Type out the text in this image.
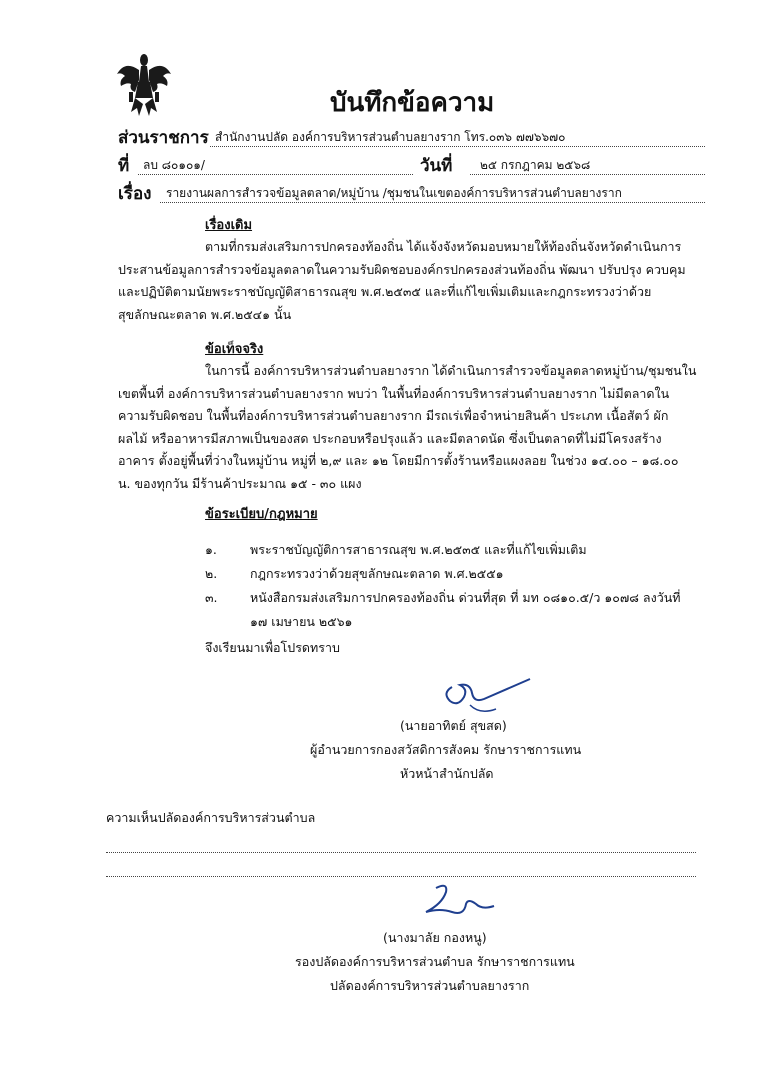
บันทึกข้อความ
ส่วนราชการ สำนักงานปลัด องค์การบริหารส่วนตำบลยางราก โทร.๐๓๖ ๗๗๖๖๗๐
ที่ ลบ ๘๐๑๐๑/	วันที่ ๒๕ กรกฎาคม ๒๕๖๘
เรื่อง รายงานผลการสำรวจข้อมูลตลาด/หมู่บ้าน /ชุมชนในเขตองค์การบริหารส่วนตำบลยางราก
เรื่องเดิม
ตามที่กรมส่งเสริมการปกครองท้องถิ่น ได้แจ้งจังหวัดมอบหมายให้ท้องถิ่นจังหวัดดำเนินการ
ประสานข้อมูลการสำรวจข้อมูลตลาดในความรับผิดชอบองค์กรปกครองส่วนท้องถิ่น พัฒนา ปรับปรุง ควบคุม
และปฏิบัติตามนัยพระราชบัญญัติสาธารณสุข พ.ศ.๒๕๓๕ และที่แก้ไขเพิ่มเติมและกฎกระทรวงว่าด้วย
สุขลักษณะตลาด พ.ศ.๒๕๔๑ นั้น
ข้อเท็จจริง
ในการนี้ องค์การบริหารส่วนตำบลยางราก ได้ดำเนินการสำรวจข้อมูลตลาดหมู่บ้าน/ชุมชนใน
เขตพื้นที่ องค์การบริหารส่วนตำบลยางราก พบว่า ในพื้นที่องค์การบริหารส่วนตำบลยางราก ไม่มีตลาดใน
ความรับผิดชอบ ในพื้นที่องค์การบริหารส่วนตำบลยางราก มีรถเร่เพื่อจำหน่ายสินค้า ประเภท เนื้อสัตว์ ผัก
ผลไม้ หรืออาหารมีสภาพเป็นของสด ประกอบหรือปรุงแล้ว และมีตลาดนัด ซึ่งเป็นตลาดที่ไม่มีโครงสร้าง
อาคาร ตั้งอยู่พื้นที่ว่างในหมู่บ้าน หมู่ที่ ๒,๙ และ ๑๒ โดยมีการตั้งร้านหรือแผงลอย ในช่วง ๑๔.๐๐ – ๑๘.๐๐
น. ของทุกวัน มีร้านค้าประมาณ ๑๕ - ๓๐ แผง
ข้อระเบียบ/กฎหมาย
๑.	พระราชบัญญัติการสาธารณสุข พ.ศ.๒๕๓๕ และที่แก้ไขเพิ่มเติม
๒.	กฎกระทรวงว่าด้วยสุขลักษณะตลาด พ.ศ.๒๕๕๑
๓.	หนังสือกรมส่งเสริมการปกครองท้องถิ่น ด่วนที่สุด ที่ มท ๐๘๑๐.๕/ว ๑๐๗๘ ลงวันที่
๑๗ เมษายน ๒๕๖๑
จึงเรียนมาเพื่อโปรดทราบ
(นายอาทิตย์ สุขสด)
ผู้อำนวยการกองสวัสดิการสังคม รักษาราชการแทน
หัวหน้าสำนักปลัด
ความเห็นปลัดองค์การบริหารส่วนตำบล
(นางมาลัย กองหนู)
รองปลัดองค์การบริหารส่วนตำบล รักษาราชการแทน
ปลัดองค์การบริหารส่วนตำบลยางราก
